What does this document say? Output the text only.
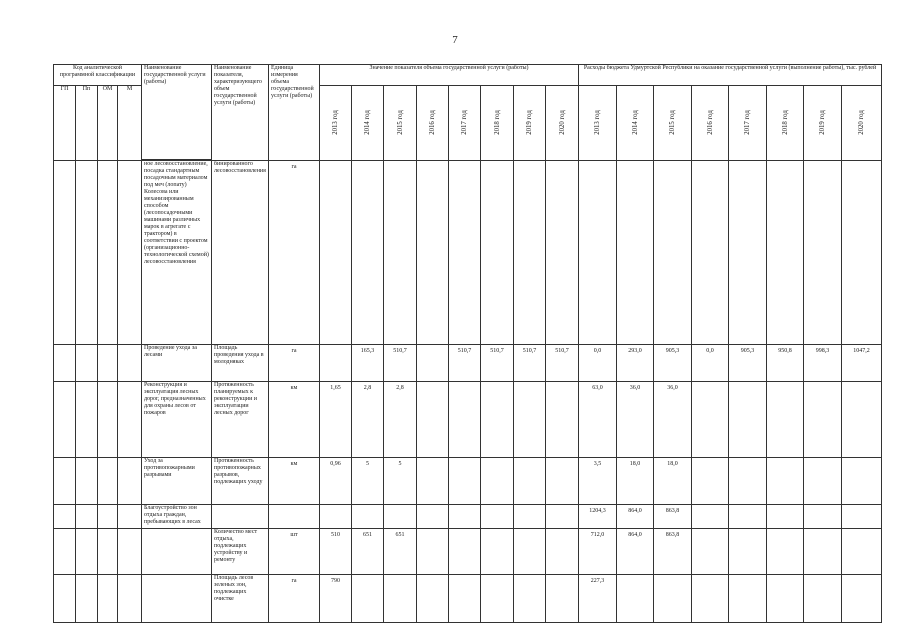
7
Код аналитической программной классификации				Наименование государственной услуги (работы)	Наименование показателя, характеризующего объем государственной услуги (работы)	Единица измерения объема государственной услуги (работы)	Значение показателя объема государственной услуги (работы)								Расходы бюджета Удмуртской Республики на оказание государственной услуги (выполнение работы), тыс. рублей							
ГП	Пп	ОМ	М				2013 год	2014 год	2015 год	2016 год	2017 год	2018 год	2019 год	2020 год	2013 год	2014 год	2015 год	2016 год	2017 год	2018 год	2019 год	2020 год

				ное лесовосстановление, посадка стандартным посадочным материалом под меч (лопату) Колесова или механизированным способом (лесопосадочными машинами различных марок в агрегате с трактором) в соответствии с проектом (организационно-технологической схемой) лесовосстановления	бинированного лесовосстановления	га																
				Проведение ухода за лесами	Площадь проведения ухода в молодняках	га		165,3	510,7		510,7	510,7	510,7	510,7	0,0	293,0	905,3	0,0	905,3	950,8	998,3	1047,2
				Реконструкция и эксплуатация лесных дорог, предназначенных для охраны лесов от пожаров	Протяженность планируемых к реконструкции и эксплуатации лесных дорог	км	1,65	2,8	2,8						63,0	36,0	36,0					
				Уход за противопожарными разрывами	Протяженность противопожарных разрывов, подлежащих уходу	км	0,96	5	5						3,5	18,0	18,0					
				Благоустройство зон отдыха граждан, пребывающих в лесах											1204,3	864,0	863,8					
					Количество мест отдыха, подлежащих устройству и ремонту	шт	510	651	651						712,0	864,0	863,8					
					Площадь лесов зеленых зон, подлежащих очистке	га	790								227,3							
